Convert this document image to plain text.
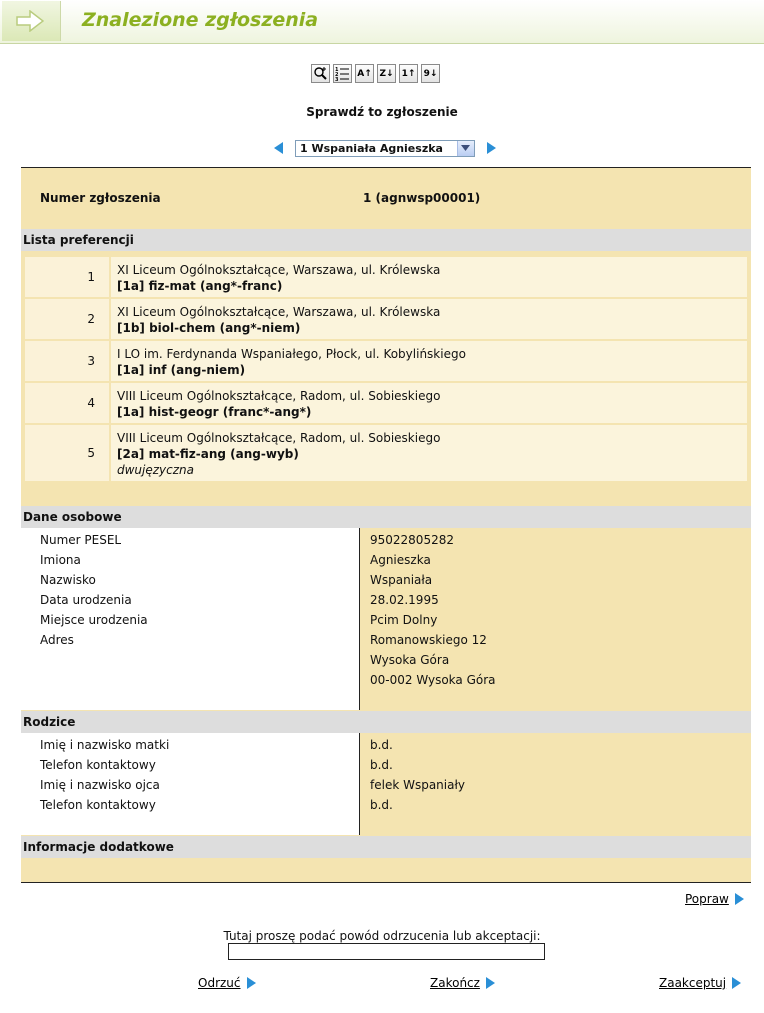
Znalezione zgłoszenia
1
2
3
A↑ Z↓ 1↑ 9↓
Sprawdź to zgłoszenie
1 Wspaniała Agnieszka
Numer zgłoszenia	1 (agnwsp00001)
Lista preferencji
1	XI Liceum Ogólnokształcące, Warszawa, ul. Królewska
[1a] fiz-mat (ang*-franc)
2	XI Liceum Ogólnokształcące, Warszawa, ul. Królewska
[1b] biol-chem (ang*-niem)
3	I LO im. Ferdynanda Wspaniałego, Płock, ul. Kobylińskiego
[1a] inf (ang-niem)
4	VIII Liceum Ogólnokształcące, Radom, ul. Sobieskiego
[1a] hist-geogr (franc*-ang*)
5
VIII Liceum Ogólnokształcące, Radom, ul. Sobieskiego
[2a] mat-fiz-ang (ang-wyb)
dwujęzyczna
Dane osobowe
Numer PESEL	95022805282
Imiona	Agnieszka
Nazwisko	Wspaniała
Data urodzenia	28.02.1995
Miejsce urodzenia	Pcim Dolny
Adres	Romanowskiego 12
Wysoka Góra
00-002 Wysoka Góra
Rodzice
Imię i nazwisko matki	b.d.
Telefon kontaktowy	b.d.
Imię i nazwisko ojca	felek Wspaniały
Telefon kontaktowy	b.d.
Informacje dodatkowe
Popraw
Tutaj proszę podać powód odrzucenia lub akceptacji:
Odrzuć	Zakończ	Zaakceptuj
